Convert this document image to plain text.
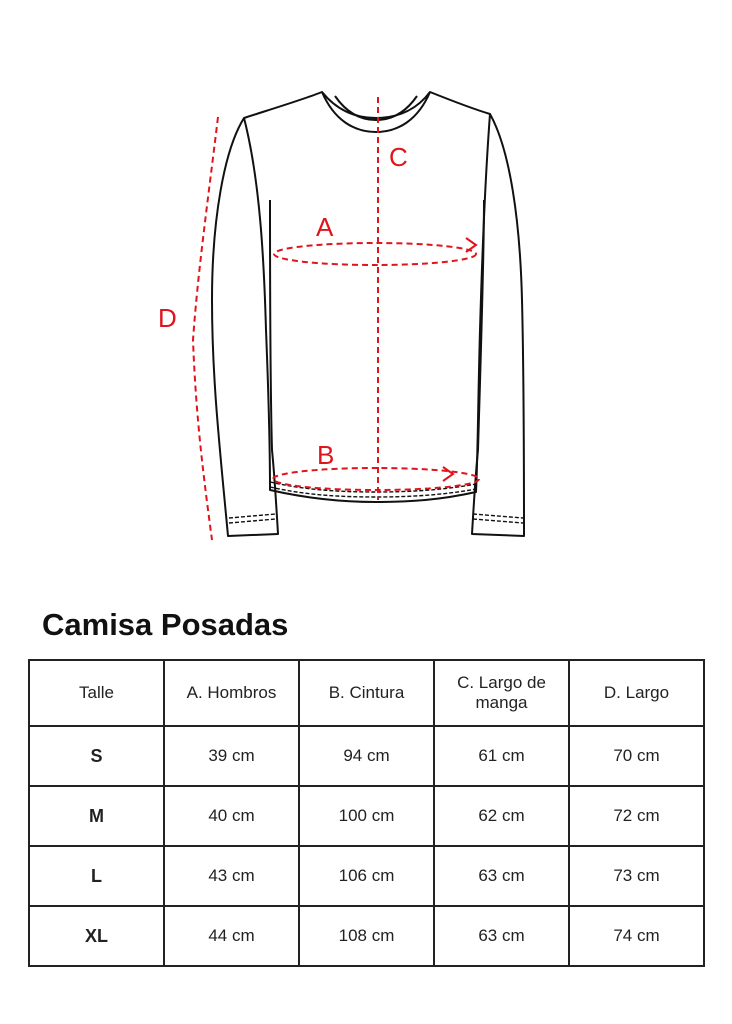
A
B
C
D
Camisa Posadas
Talle	A. Hombros	B. Cintura	C. Largo de manga	D. Largo
S	39 cm	94 cm	61 cm	70 cm
M	40 cm	100 cm	62 cm	72 cm
L	43 cm	106 cm	63 cm	73 cm
XL	44 cm	108 cm	63 cm	74 cm
